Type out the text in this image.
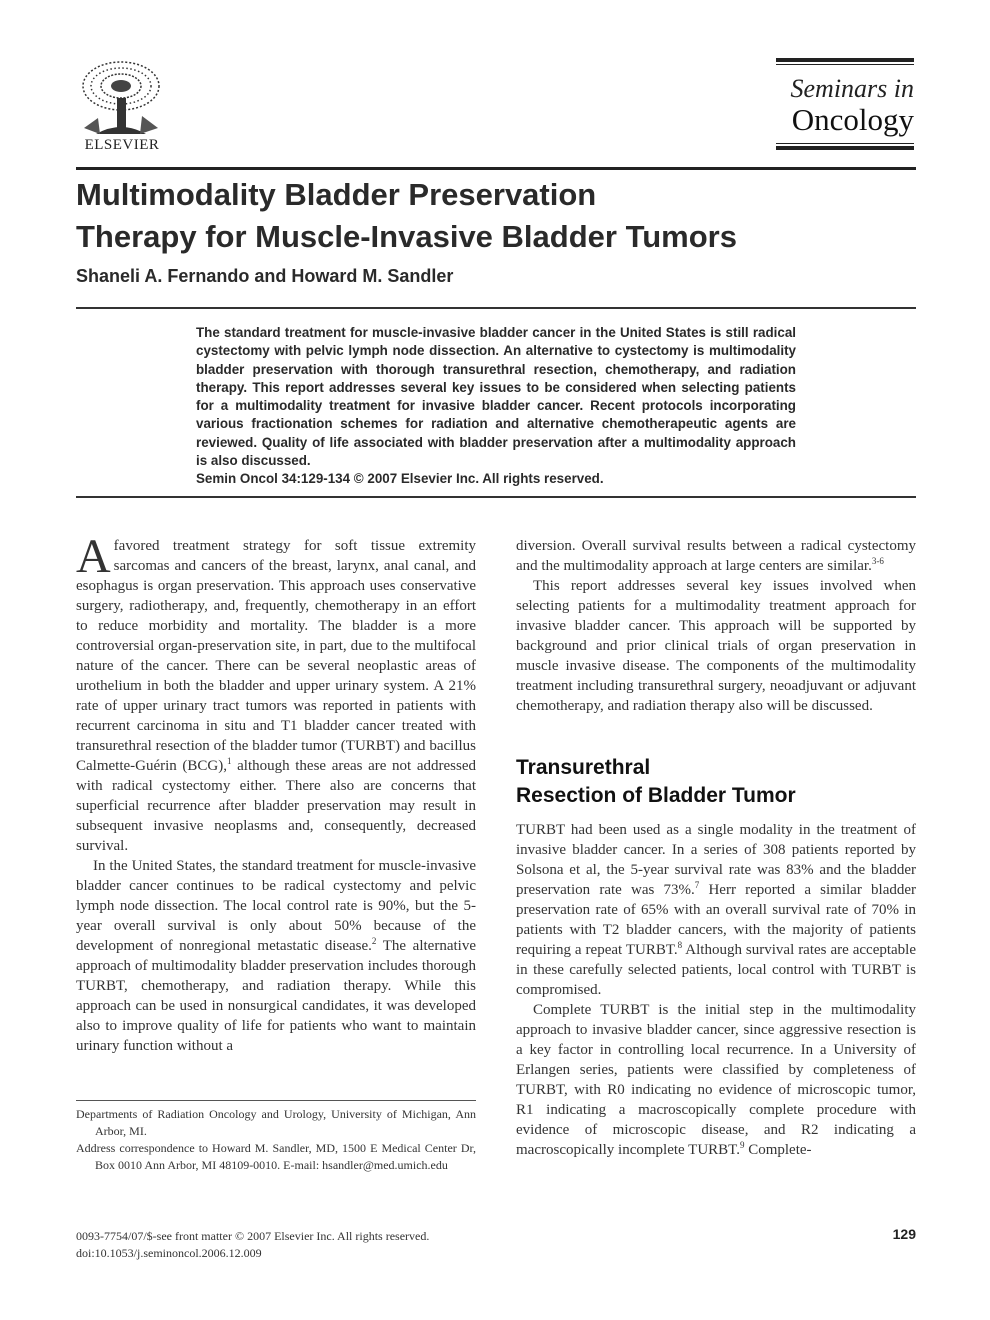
ELSEVIER
Seminars in
Oncology
Multimodality Bladder Preservation
Therapy for Muscle-Invasive Bladder Tumors
Shaneli A. Fernando and Howard M. Sandler
The standard treatment for muscle-invasive bladder cancer in the United States is still radical cystectomy with pelvic lymph node dissection. An alternative to cystectomy is multimodality bladder preservation with thorough transurethral resection, chemotherapy, and radiation therapy. This report addresses several key issues to be considered when selecting patients for a multimodality treatment for invasive bladder cancer. Recent protocols incorporating various fractionation schemes for radiation and alternative chemotherapeutic agents are reviewed. Quality of life associated with bladder preservation after a multimodality approach is also discussed.
Semin Oncol 34:129-134 © 2007 Elsevier Inc. All rights reserved.

A favored treatment strategy for soft tissue extremity sarcomas and cancers of the breast, larynx, anal canal, and esophagus is organ preservation. This approach uses conservative surgery, radiotherapy, and, frequently, chemotherapy in an effort to reduce morbidity and mortality. The bladder is a more controversial organ-preservation site, in part, due to the multifocal nature of the cancer. There can be several neoplastic areas of urothelium in both the bladder and upper urinary system. A 21% rate of upper urinary tract tumors was reported in patients with recurrent carcinoma in situ and T1 bladder cancer treated with transurethral resection of the bladder tumor (TURBT) and bacillus Calmette-Guérin (BCG),$^1$ although these areas are not addressed with radical cystectomy either. There also are concerns that superficial recurrence after bladder preservation may result in subsequent invasive neoplasms and, consequently, decreased survival.

In the United States, the standard treatment for muscle-invasive bladder cancer continues to be radical cystectomy and pelvic lymph node dissection. The local control rate is 90%, but the 5- year overall survival is only about 50% because of the development of nonregional metastatic disease.$^2$ The alternative approach of multimodality bladder preservation includes thorough TURBT, chemotherapy, and radiation therapy. While this approach can be used in nonsurgical candidates, it was developed also to improve quality of life for patients who want to maintain urinary function without a

diversion. Overall survival results between a radical cystectomy and the multimodality approach at large centers are similar.$^{3-6}$

This report addresses several key issues involved when selecting patients for a multimodality treatment approach for invasive bladder cancer. This approach will be supported by background and prior clinical trials of organ preservation in muscle invasive disease. The components of the multimodality treatment including transurethral surgery, neoadjuvant or adjuvant chemotherapy, and radiation therapy also will be discussed.

Transurethral
Resection of Bladder Tumor

TURBT had been used as a single modality in the treatment of invasive bladder cancer. In a series of 308 patients reported by Solsona et al, the 5-year survival rate was 83% and the bladder preservation rate was 73%.$^7$ Herr reported a similar bladder preservation rate of 65% with an overall survival rate of 70% in patients with T2 bladder cancers, with the majority of patients requiring a repeat TURBT.$^8$ Although survival rates are acceptable in these carefully selected patients, local control with TURBT is compromised.

Complete TURBT is the initial step in the multimodality approach to invasive bladder cancer, since aggressive resection is a key factor in controlling local recurrence. In a University of Erlangen series, patients were classified by completeness of TURBT, with R0 indicating no evidence of microscopic tumor, R1 indicating a macroscopically complete procedure with evidence of microscopic disease, and R2 indicating a macroscopically incomplete TURBT.$^9$ Complete-

Departments of Radiation Oncology and Urology, University of Michigan, Ann Arbor, MI.
Address correspondence to Howard M. Sandler, MD, 1500 E Medical Center Dr, Box 0010 Ann Arbor, MI 48109-0010. E-mail: hsandler@med.umich.edu
0093-7754/07/$-see front matter © 2007 Elsevier Inc. All rights reserved.
doi:10.1053/j.seminoncol.2006.12.009
129
